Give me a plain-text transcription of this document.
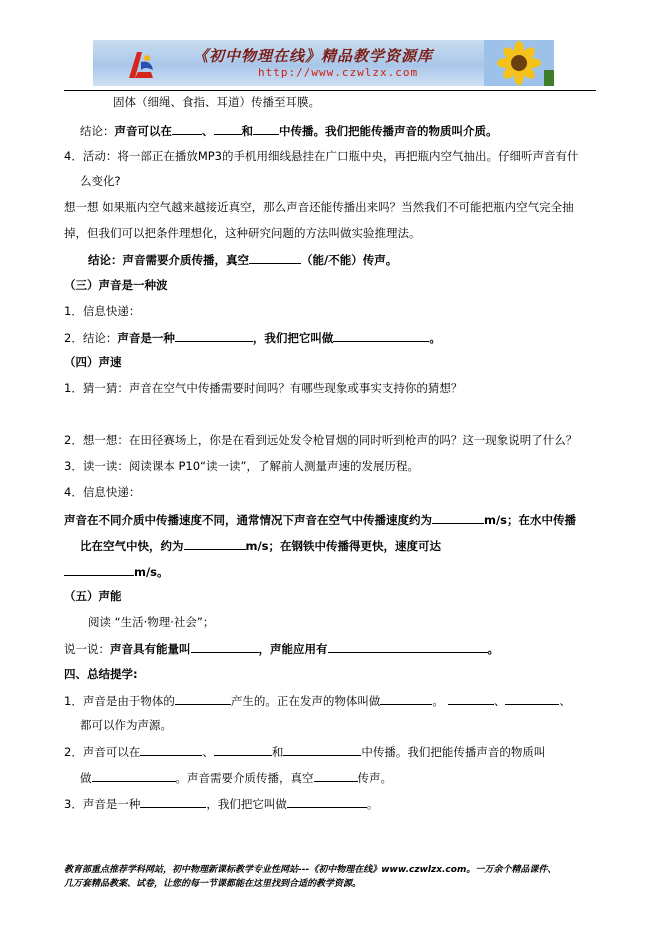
《初中物理在线》精品教学资源库
http://www.czwlzx.com
固体（细绳、食指、耳道）传播至耳膜。
结论：声音可以在	、 和 中传播。我们把能传播声音的物质叫介质。
4．活动：将一部正在播放MP3的手机用细线悬挂在广口瓶中央，再把瓶内空气抽出。仔细听声音有什
么变化?
想一想 如果瓶内空气越来越接近真空，那么声音还能传播出来吗？当然我们不可能把瓶内空气完全抽
掉，但我们可以把条件理想化，这种研究问题的方法叫做实验推理法。
结论：声音需要介质传播，真空	（能/不能）传声。
（三）声音是一种波
1．信息快递：
2．结论：声音是一种	，我们把它叫做	。
（四）声速
1．猜一猜：声音在空气中传播需要时间吗？有哪些现象或事实支持你的猜想？
2．想一想：在田径赛场上，你是在看到远处发令枪冒烟的同时听到枪声的吗？这一现象说明了什么？
3．读一读：阅读课本 P10“读一读”，了解前人测量声速的发展历程。
4．信息快递：
声音在不同介质中传播速度不同，通常情况下声音在空气中传播速度约为	m/s；在水中传播
比在空气中快，约为	m/s；在钢铁中传播得更快，速度可达
m/s。
（五）声能
阅读 “生活·物理·社会”；
说一说：声音具有能量叫	，声能应用有	。
四、总结提学:
1．声音是由于物体的	产生的。正在发声的物体叫做	。	、	、
都可以作为声源。
2．声音可以在	、	和	中传播。我们把能传播声音的物质叫
做	。声音需要介质传播，真空	传声。
3．声音是一种	，我们把它叫做	。
教育部重点推荐学科网站，初中物理新课标教学专业性网站---《初中物理在线》www.czwlzx.com。一万余个精品课件、
几万套精品教案、试卷，让您的每一节课都能在这里找到合适的教学资源。
